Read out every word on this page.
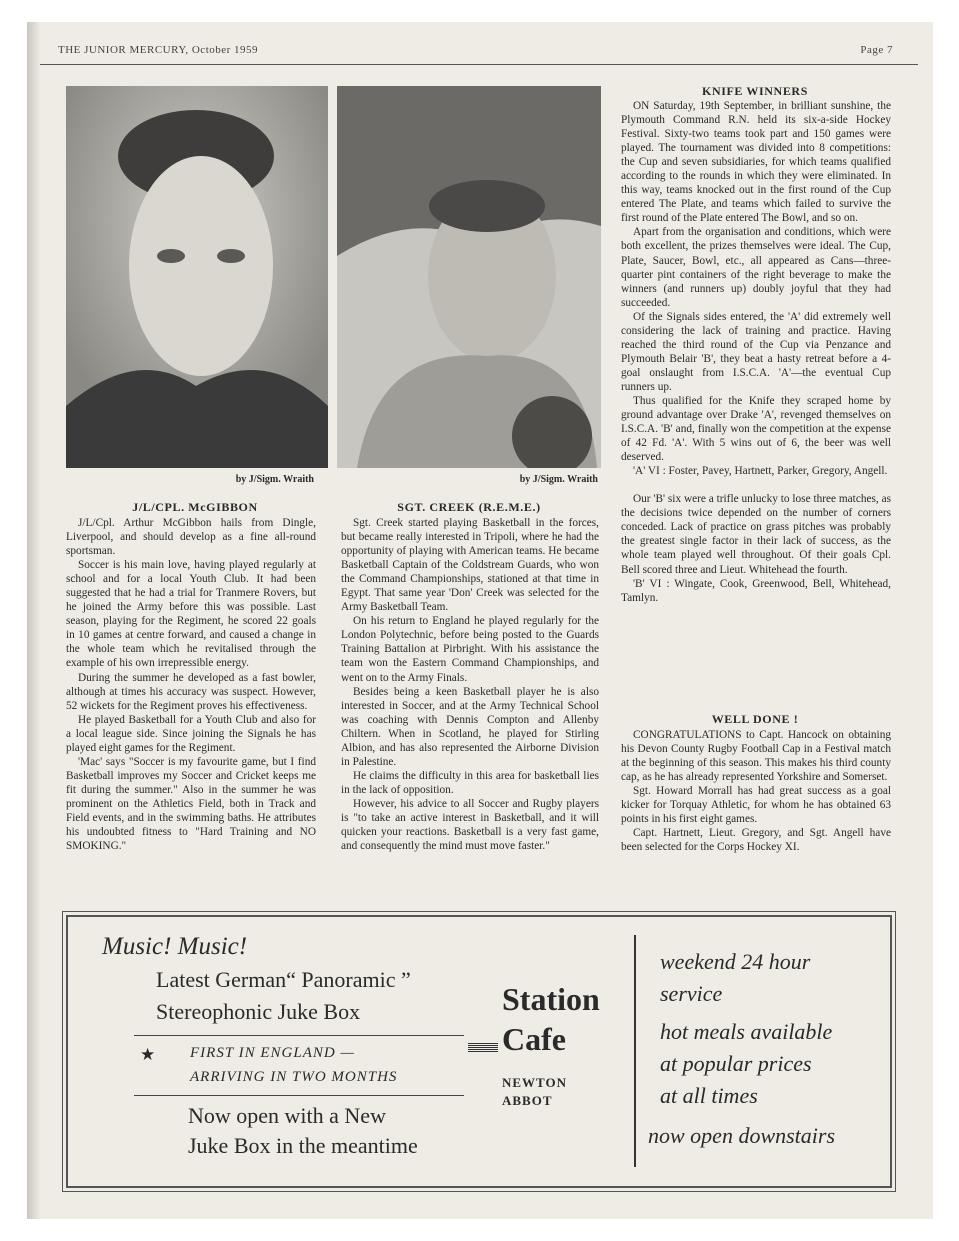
THE JUNIOR MERCURY, October 1959	Page 7
by J/Sigm. Wraith	by J/Sigm. Wraith
J/L/CPL. McGIBBON

J/L/Cpl. Arthur McGibbon hails from Dingle, Liverpool, and should develop as a fine all-round sportsman.

Soccer is his main love, having played regularly at school and for a local Youth Club. It had been suggested that he had a trial for Tranmere Rovers, but he joined the Army before this was possible. Last season, playing for the Regiment, he scored 22 goals in 10 games at centre forward, and caused a change in the whole team which he revitalised through the example of his own irrepressible energy.

During the summer he developed as a fast bowler, although at times his accuracy was suspect. However, 52 wickets for the Regiment proves his effectiveness.

He played Basketball for a Youth Club and also for a local league side. Since joining the Signals he has played eight games for the Regiment.

'Mac' says "Soccer is my favourite game, but I find Basketball improves my Soccer and Cricket keeps me fit during the summer." Also in the summer he was prominent on the Athletics Field, both in Track and Field events, and in the swimming baths. He attributes his undoubted fitness to "Hard Training and NO SMOKING."

SGT. CREEK (R.E.M.E.)

Sgt. Creek started playing Basketball in the forces, but became really interested in Tripoli, where he had the opportunity of playing with American teams. He became Basketball Captain of the Coldstream Guards, who won the Command Championships, stationed at that time in Egypt. That same year 'Don' Creek was selected for the Army Basketball Team.

On his return to England he played regularly for the London Polytechnic, before being posted to the Guards Training Battalion at Pirbright. With his assistance the team won the Eastern Command Championships, and went on to the Army Finals.

Besides being a keen Basketball player he is also interested in Soccer, and at the Army Technical School was coaching with Dennis Compton and Allenby Chiltern. When in Scotland, he played for Stirling Albion, and has also represented the Airborne Division in Palestine.

He claims the difficulty in this area for basketball lies in the lack of opposition.

However, his advice to all Soccer and Rugby players is "to take an active interest in Basketball, and it will quicken your reactions. Basketball is a very fast game, and consequently the mind must move faster."

KNIFE WINNERS

ON Saturday, 19th September, in brilliant sunshine, the Plymouth Command R.N. held its six-a-side Hockey Festival. Sixty-two teams took part and 150 games were played. The tournament was divided into 8 competitions: the Cup and seven subsidiaries, for which teams qualified according to the rounds in which they were eliminated. In this way, teams knocked out in the first round of the Cup entered The Plate, and teams which failed to survive the first round of the Plate entered The Bowl, and so on.

Apart from the organisation and conditions, which were both excellent, the prizes themselves were ideal. The Cup, Plate, Saucer, Bowl, etc., all appeared as Cans—three-quarter pint containers of the right beverage to make the winners (and runners up) doubly joyful that they had succeeded.

Of the Signals sides entered, the 'A' did extremely well considering the lack of training and practice. Having reached the third round of the Cup via Penzance and Plymouth Belair 'B', they beat a hasty retreat before a 4-goal onslaught from I.S.C.A. 'A'—the eventual Cup runners up.

Thus qualified for the Knife they scraped home by ground advantage over Drake 'A', revenged themselves on I.S.C.A. 'B' and, finally won the competition at the expense of 42 Fd. 'A'. With 5 wins out of 6, the beer was well deserved.

'A' VI : Foster, Pavey, Hartnett, Parker, Gregory, Angell.

Our 'B' six were a trifle unlucky to lose three matches, as the decisions twice depended on the number of corners conceded. Lack of practice on grass pitches was probably the greatest single factor in their lack of success, as the whole team played well throughout. Of their goals Cpl. Bell scored three and Lieut. Whitehead the fourth.

'B' VI : Wingate, Cook, Greenwood, Bell, Whitehead, Tamlyn.

WELL DONE !

CONGRATULATIONS to Capt. Hancock on obtaining his Devon County Rugby Football Cap in a Festival match at the beginning of this season. This makes his third county cap, as he has already represented Yorkshire and Somerset.

Sgt. Howard Morrall has had great success as a goal kicker for Torquay Athletic, for whom he has obtained 63 points in his first eight games.

Capt. Hartnett, Lieut. Gregory, and Sgt. Angell have been selected for the Corps Hockey XI.

Music! Music!
Latest German“ Panoramic ”
Stereophonic Juke Box
★ FIRST IN ENGLAND —
ARRIVING IN TWO MONTHS
Now open with a New
Juke Box in the meantime
Station
Cafe
NEWTON
ABBOT
weekend 24 hour
service
hot meals available
at popular prices
at all times
now open downstairs
